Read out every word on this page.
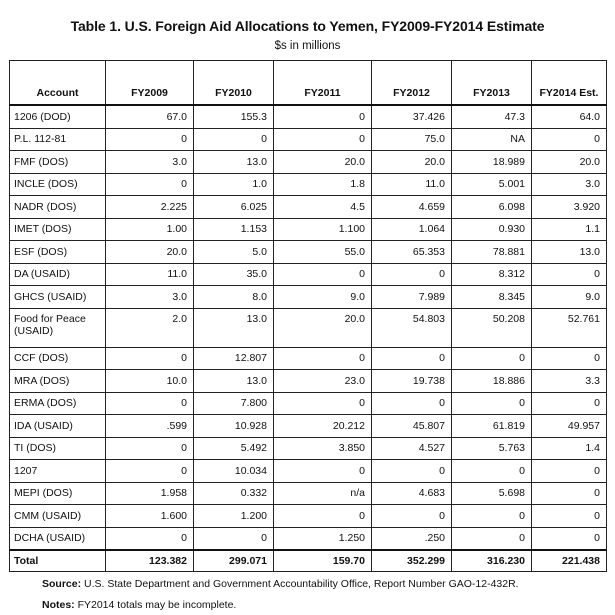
Table 1. U.S. Foreign Aid Allocations to Yemen, FY2009-FY2014 Estimate
$s in millions
Account	FY2009	FY2010	FY2011	FY2012	FY2013	FY2014 Est.
1206 (DOD)	67.0	155.3	0	37.426	47.3	64.0
P.L. 112-81	0	0	0	75.0	NA	0
FMF (DOS)	3.0	13.0	20.0	20.0	18.989	20.0
INCLE (DOS)	0	1.0	1.8	11.0	5.001	3.0
NADR (DOS)	2.225	6.025	4.5	4.659	6.098	3.920
IMET (DOS)	1.00	1.153	1.100	1.064	0.930	1.1
ESF (DOS)	20.0	5.0	55.0	65.353	78.881	13.0
DA (USAID)	11.0	35.0	0	0	8.312	0
GHCS (USAID)	3.0	8.0	9.0	7.989	8.345	9.0
Food for Peace (USAID)	2.0	13.0	20.0	54.803	50.208	52.761
CCF (DOS)	0	12.807	0	0	0	0
MRA (DOS)	10.0	13.0	23.0	19.738	18.886	3.3
ERMA (DOS)	0	7.800	0	0	0	0
IDA (USAID)	.599	10.928	20.212	45.807	61.819	49.957
TI (DOS)	0	5.492	3.850	4.527	5.763	1.4
1207	0	10.034	0	0	0	0
MEPI (DOS)	1.958	0.332	n/a	4.683	5.698	0
CMM (USAID)	1.600	1.200	0	0	0	0
DCHA (USAID)	0	0	1.250	.250	0	0
Total	123.382	299.071	159.70	352.299	316.230	221.438
Source: U.S. State Department and Government Accountability Office, Report Number GAO-12-432R.
Notes: FY2014 totals may be incomplete.
